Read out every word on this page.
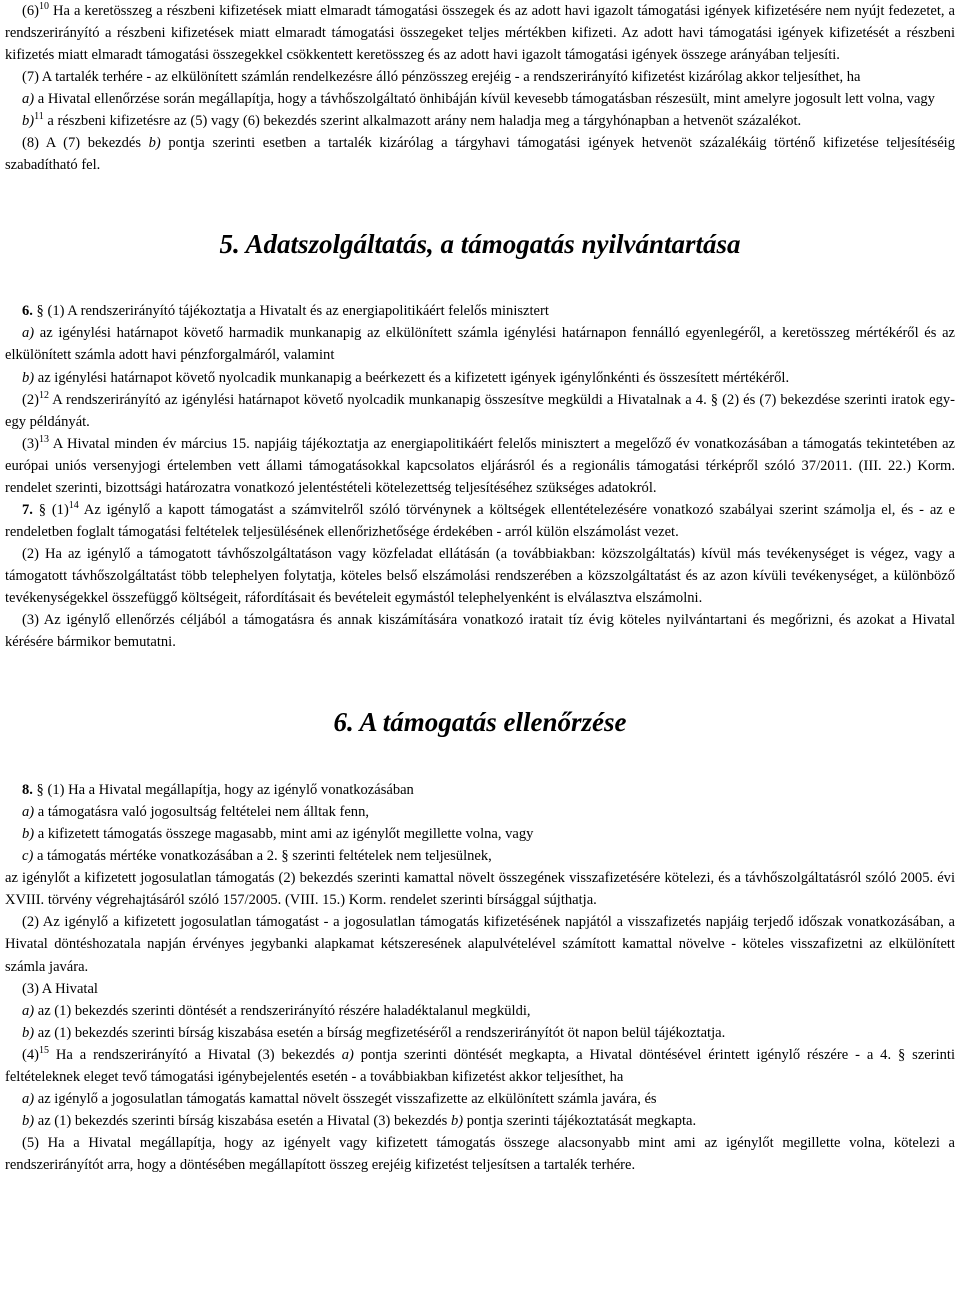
$(6)^{10}$ Ha a keretösszeg a részbeni kifizetések miatt elmaradt támogatási összegek és az adott havi igazolt támogatási igények kifizetésére nem nyújt fedezetet, a rendszerirányító a részbeni kifizetések miatt elmaradt támogatási összegeket teljes mértékben kifizeti. Az adott havi támogatási igények kifizetését a részbeni kifizetés miatt elmaradt támogatási összegekkel csökkentett keretösszeg és az adott havi igazolt támogatási igények összege arányában teljesíti.

(7) A tartalék terhére - az elkülönített számlán rendelkezésre álló pénzösszeg erejéig - a rendszerirányító kifizetést kizárólag akkor teljesíthet, ha

a) a Hivatal ellenőrzése során megállapítja, hogy a távhőszolgáltató önhibáján kívül kevesebb támogatásban részesült, mint amelyre jogosult lett volna, vagy

b)$^{11}$ a részbeni kifizetésre az (5) vagy (6) bekezdés szerint alkalmazott arány nem haladja meg a tárgyhónapban a hetvenöt százalékot.

(8) A (7) bekezdés b) pontja szerinti esetben a tartalék kizárólag a tárgyhavi támogatási igények hetvenöt százalékáig történő kifizetése teljesítéséig szabadítható fel.

5. Adatszolgáltatás, a támogatás nyilvántartása

6. § (1) A rendszerirányító tájékoztatja a Hivatalt és az energiapolitikáért felelős minisztert

a) az igénylési határnapot követő harmadik munkanapig az elkülönített számla igénylési határnapon fennálló egyenlegéről, a keretösszeg mértékéről és az elkülönített számla adott havi pénzforgalmáról, valamint

b) az igénylési határnapot követő nyolcadik munkanapig a beérkezett és a kifizetett igények igénylőnkénti és összesített mértékéről.

$(2)^{12}$ A rendszerirányító az igénylési határnapot követő nyolcadik munkanapig összesítve megküldi a Hivatalnak a 4. § (2) és (7) bekezdése szerinti iratok egy-egy példányát.

$(3)^{13}$ A Hivatal minden év március 15. napjáig tájékoztatja az energiapolitikáért felelős minisztert a megelőző év vonatkozásában a támogatás tekintetében az európai uniós versenyjogi értelemben vett állami támogatásokkal kapcsolatos eljárásról és a regionális támogatási térképről szóló 37/2011. (III. 22.) Korm. rendelet szerinti, bizottsági határozatra vonatkozó jelentéstételi kötelezettség teljesítéséhez szükséges adatokról.

7. § $(1)^{14}$ Az igénylő a kapott támogatást a számvitelről szóló törvénynek a költségek ellentételezésére vonatkozó szabályai szerint számolja el, és - az e rendeletben foglalt támogatási feltételek teljesülésének ellenőrizhetősége érdekében - arról külön elszámolást vezet.

(2) Ha az igénylő a támogatott távhőszolgáltatáson vagy közfeladat ellátásán (a továbbiakban: közszolgáltatás) kívül más tevékenységet is végez, vagy a támogatott távhőszolgáltatást több telephelyen folytatja, köteles belső elszámolási rendszerében a közszolgáltatást és az azon kívüli tevékenységet, a különböző tevékenységekkel összefüggő költségeit, ráfordításait és bevételeit egymástól telephelyenként is elválasztva elszámolni.

(3) Az igénylő ellenőrzés céljából a támogatásra és annak kiszámítására vonatkozó iratait tíz évig köteles nyilvántartani és megőrizni, és azokat a Hivatal kérésére bármikor bemutatni.

6. A támogatás ellenőrzése

8. § (1) Ha a Hivatal megállapítja, hogy az igénylő vonatkozásában

a) a támogatásra való jogosultság feltételei nem álltak fenn,

b) a kifizetett támogatás összege magasabb, mint ami az igénylőt megillette volna, vagy

c) a támogatás mértéke vonatkozásában a 2. § szerinti feltételek nem teljesülnek,

az igénylőt a kifizetett jogosulatlan támogatás (2) bekezdés szerinti kamattal növelt összegének visszafizetésére kötelezi, és a távhőszolgáltatásról szóló 2005. évi XVIII. törvény végrehajtásáról szóló 157/2005. (VIII. 15.) Korm. rendelet szerinti bírsággal sújthatja.

(2) Az igénylő a kifizetett jogosulatlan támogatást - a jogosulatlan támogatás kifizetésének napjától a visszafizetés napjáig terjedő időszak vonatkozásában, a Hivatal döntéshozatala napján érvényes jegybanki alapkamat kétszeresének alapulvételével számított kamattal növelve - köteles visszafizetni az elkülönített számla javára.

(3) A Hivatal

a) az (1) bekezdés szerinti döntését a rendszerirányító részére haladéktalanul megküldi,

b) az (1) bekezdés szerinti bírság kiszabása esetén a bírság megfizetéséről a rendszerirányítót öt napon belül tájékoztatja.

$(4)^{15}$ Ha a rendszerirányító a Hivatal (3) bekezdés a) pontja szerinti döntését megkapta, a Hivatal döntésével érintett igénylő részére - a 4. § szerinti feltételeknek eleget tevő támogatási igénybejelentés esetén - a továbbiakban kifizetést akkor teljesíthet, ha

a) az igénylő a jogosulatlan támogatás kamattal növelt összegét visszafizette az elkülönített számla javára, és

b) az (1) bekezdés szerinti bírság kiszabása esetén a Hivatal (3) bekezdés b) pontja szerinti tájékoztatását megkapta.

(5) Ha a Hivatal megállapítja, hogy az igényelt vagy kifizetett támogatás összege alacsonyabb mint ami az igénylőt megillette volna, kötelezi a rendszerirányítót arra, hogy a döntésében megállapított összeg erejéig kifizetést teljesítsen a tartalék terhére.
